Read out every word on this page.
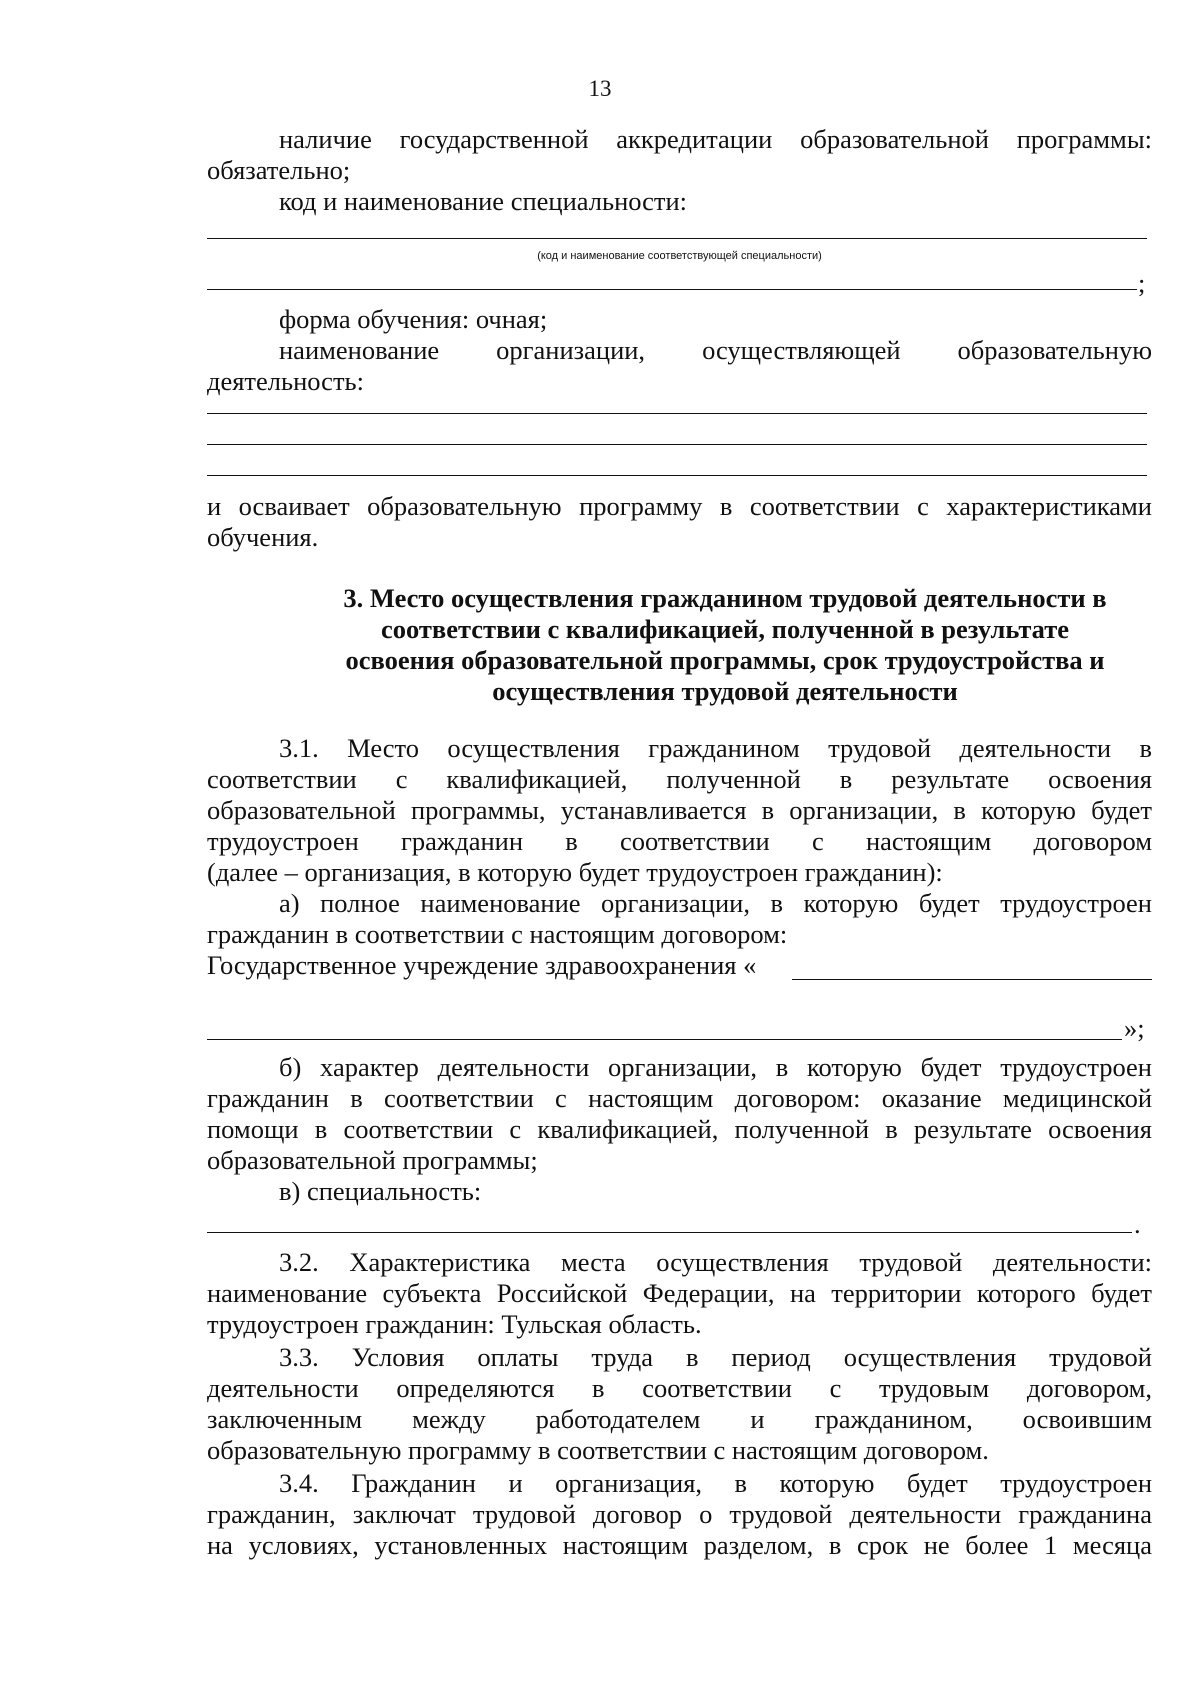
13
наличие государственной аккредитации образовательной программы:
обязательно;
код и наименование специальности:
(код и наименование соответствующей специальности)
;
форма обучения: очная;
наименование организации, осуществляющей образовательную
деятельность:
и осваивает образовательную программу в соответствии с характеристиками
обучения.
3. Место осуществления гражданином трудовой деятельности в
соответствии с квалификацией, полученной в результате
освоения образовательной программы, срок трудоустройства и
осуществления трудовой деятельности
3.1. Место осуществления гражданином трудовой деятельности в
соответствии с квалификацией, полученной в результате освоения
образовательной программы, устанавливается в организации, в которую будет
трудоустроен гражданин в соответствии с настоящим договором
(далее – организация, в которую будет трудоустроен гражданин):
а) полное наименование организации, в которую будет трудоустроен
гражданин в соответствии с настоящим договором:
Государственное учреждение здравоохранения «
»;
б) характер деятельности организации, в которую будет трудоустроен
гражданин в соответствии с настоящим договором: оказание медицинской
помощи в соответствии с квалификацией, полученной в результате освоения
образовательной программы;
в) специальность:
.
3.2. Характеристика места осуществления трудовой деятельности:
наименование субъекта Российской Федерации, на территории которого будет
трудоустроен гражданин: Тульская область.
3.3. Условия оплаты труда в период осуществления трудовой
деятельности определяются в соответствии с трудовым договором,
заключенным между работодателем и гражданином, освоившим
образовательную программу в соответствии с настоящим договором.
3.4. Гражданин и организация, в которую будет трудоустроен
гражданин, заключат трудовой договор о трудовой деятельности гражданина
на условиях, установленных настоящим разделом, в срок не более 1 месяца
